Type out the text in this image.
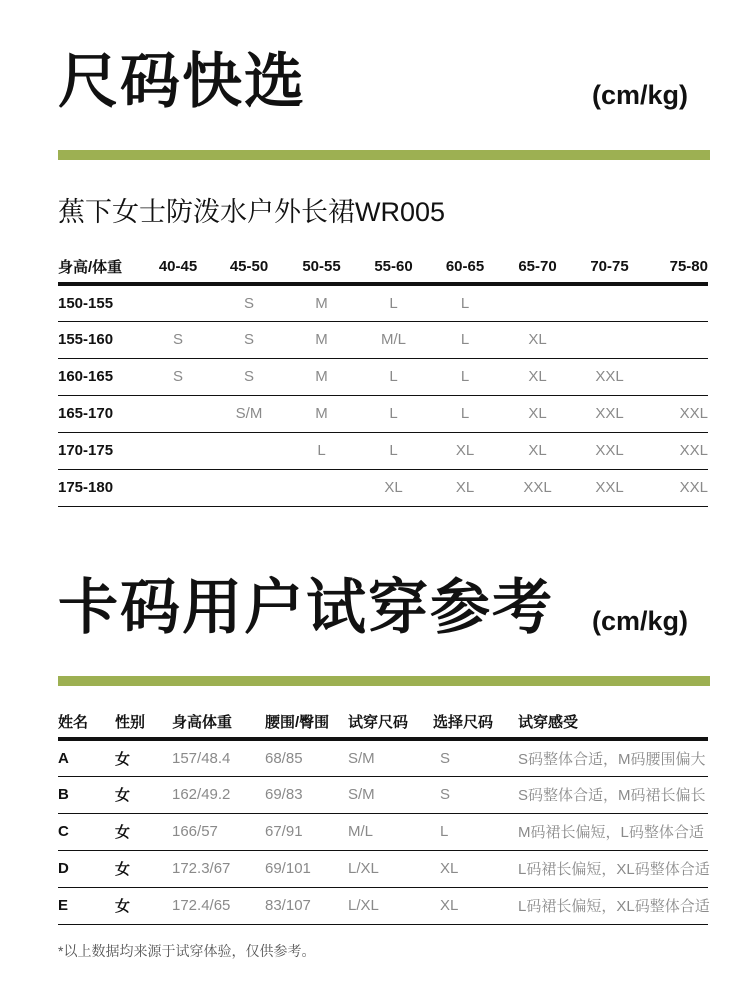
尺码快选	(cm/kg)
蕉下女士防泼水户外长裙WR005
身高/体重	40-45	45-50	50-55	55-60	60-65	65-70	70-75	75-80
150-155		S	M	L	L			
155-160	S	S	M	M/L	L	XL		
160-165	S	S	M	L	L	XL	XXL	
165-170		S/M	M	L	L	XL	XXL	XXL
170-175			L	L	XL	XL	XXL	XXL
175-180				XL	XL	XXL	XXL	XXL
卡码用户试穿参考 (cm/kg)
姓名	性别	身高体重	腰围/臀围	试穿尺码	选择尺码	试穿感受
A	女	157/48.4	68/85	S/M	S	S码整体合适，M码腰围偏大
B	女	162/49.2	69/83	S/M	S	S码整体合适，M码裙长偏长
C	女	166/57	67/91	M/L	L	M码裙长偏短，L码整体合适
D	女	172.3/67	69/101	L/XL	XL	L码裙长偏短，XL码整体合适
E	女	172.4/65	83/107	L/XL	XL	L码裙长偏短，XL码整体合适
*以上数据均来源于试穿体验，仅供参考。
